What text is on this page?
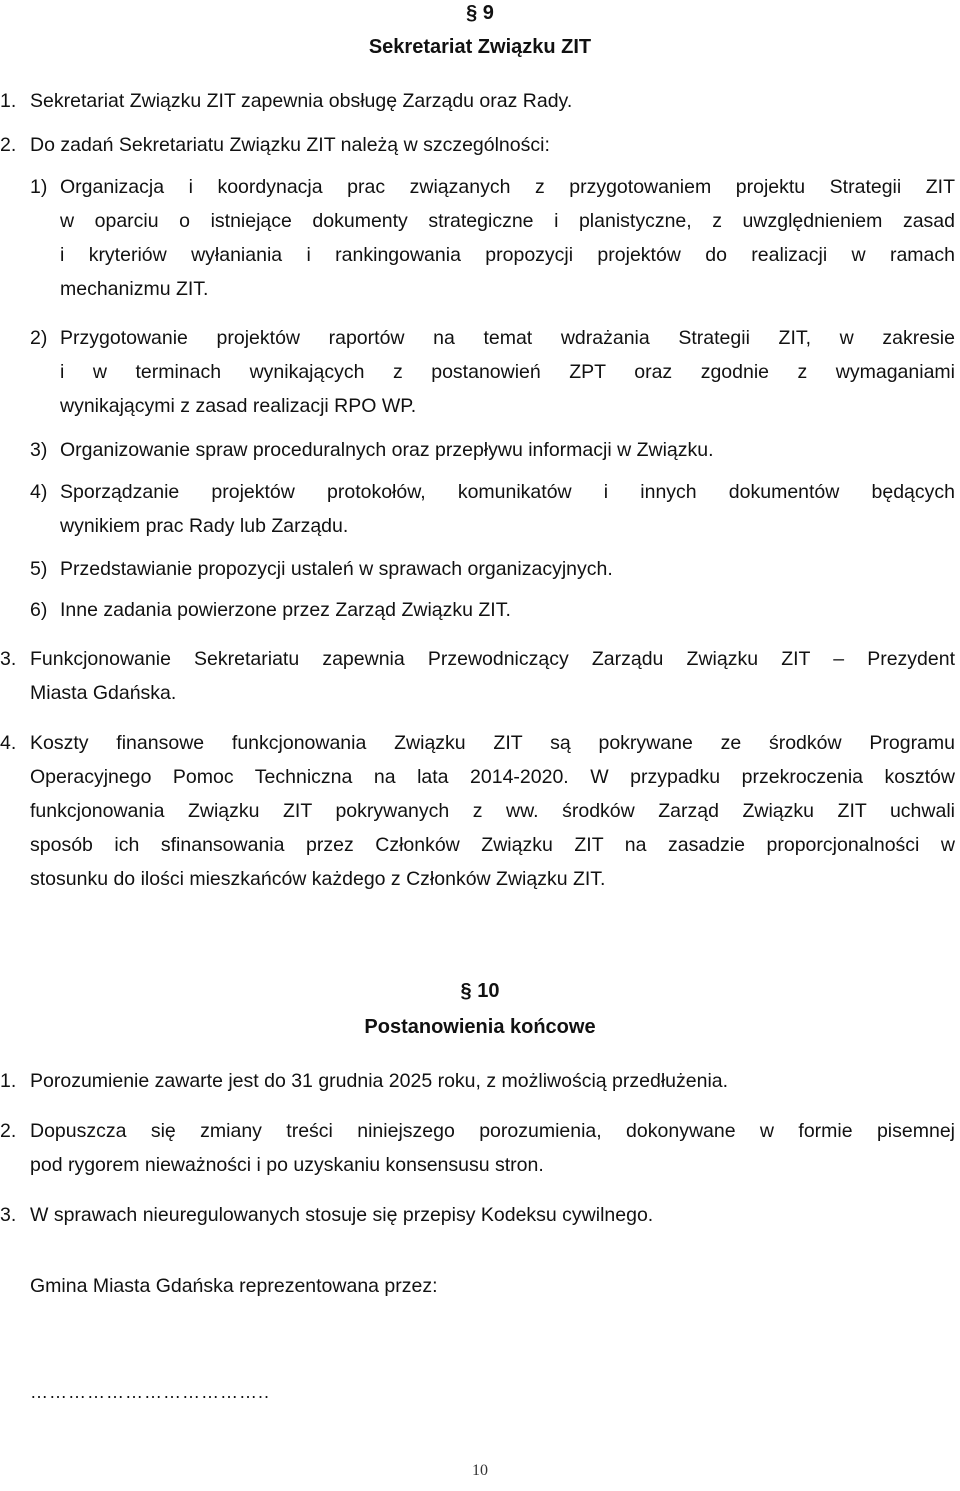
§ 9
Sekretariat Związku ZIT
1. Sekretariat Związku ZIT zapewnia obsługę Zarządu oraz Rady.
2. Do zadań Sekretariatu Związku ZIT należą w szczególności:
1) Organizacja i koordynacja prac związanych z przygotowaniem projektu Strategii ZIT
w oparciu o istniejące dokumenty strategiczne i planistyczne, z uwzględnieniem zasad
i kryteriów wyłaniania i rankingowania propozycji projektów do realizacji w ramach
mechanizmu ZIT.
2) Przygotowanie projektów raportów na temat wdrażania Strategii ZIT, w zakresie
i w terminach wynikających z postanowień ZPT oraz zgodnie z wymaganiami
wynikającymi z zasad realizacji RPO WP.
3) Organizowanie spraw proceduralnych oraz przepływu informacji w Związku.
4) Sporządzanie projektów protokołów, komunikatów i innych dokumentów będących
wynikiem prac Rady lub Zarządu.
5) Przedstawianie propozycji ustaleń w sprawach organizacyjnych.
6) Inne zadania powierzone przez Zarząd Związku ZIT.
3. Funkcjonowanie Sekretariatu zapewnia Przewodniczący Zarządu Związku ZIT – Prezydent
Miasta Gdańska.
4. Koszty finansowe funkcjonowania Związku ZIT są pokrywane ze środków Programu
Operacyjnego Pomoc Techniczna na lata 2014-2020. W przypadku przekroczenia kosztów
funkcjonowania Związku ZIT pokrywanych z ww. środków Zarząd Związku ZIT uchwali
sposób ich sfinansowania przez Członków Związku ZIT na zasadzie proporcjonalności w
stosunku do ilości mieszkańców każdego z Członków Związku ZIT.
§ 10
Postanowienia końcowe
1. Porozumienie zawarte jest do 31 grudnia 2025 roku, z możliwością przedłużenia.
2. Dopuszcza się zmiany treści niniejszego porozumienia, dokonywane w formie pisemnej
pod rygorem nieważności i po uzyskaniu konsensusu stron.
3. W sprawach nieuregulowanych stosuje się przepisy Kodeksu cywilnego.
Gmina Miasta Gdańska reprezentowana przez:
………………………………..
10
